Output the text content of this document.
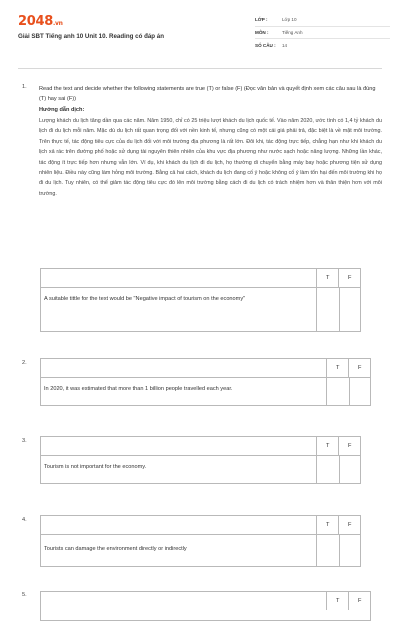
2048.vn
Giải SBT Tiếng anh 10 Unit 10. Reading có đáp án
LỚP :	Lớp 10
MÔN :	Tiếng Anh
SỐ CÂU :	14
1. Read the text and decide whether the following statements are true (T) or false (F) (Đọc văn bản và quyết định xem các câu sau là đúng (T) hay sai (F))
Hướng dẫn dịch:
Lượng khách du lịch tăng dần qua các năm. Năm 1950, chỉ có 25 triệu lượt khách du lịch quốc tế. Vào năm 2020, ước tính có 1,4 tỷ khách du lịch đi du lịch mỗi năm. Mặc dù du lịch rất quan trọng đối với nền kinh tế, nhưng cũng có một cái giá phải trả, đặc biệt là về mặt môi trường. Trên thực tế, tác động tiêu cực của du lịch đối với môi trường địa phương là rất lớn. Đôi khi, tác động trực tiếp, chẳng hạn như khi khách du lịch xả rác trên đường phố hoặc sử dụng tài nguyên thiên nhiên của khu vực địa phương như nước sạch hoặc năng lượng. Những lần khác, tác động ít trực tiếp hơn nhưng vẫn lớn. Ví dụ, khi khách du lịch đi du lịch, họ thường di chuyển bằng máy bay hoặc phương tiện sử dụng nhiên liệu. Điều này cũng làm hỏng môi trường. Bằng cả hai cách, khách du lịch đang cố ý hoặc không cố ý làm tổn hại đến môi trường khi họ đi du lịch. Tuy nhiên, có thể giảm tác động tiêu cực đó lên môi trường bằng cách đi du lịch có trách nhiệm hơn và thân thiện hơn với môi trường.
T	F
A suitable tittle for the text would be "Negative impact of tourism on the economy"
2.
T	F
In 2020, it was estimated that more than 1 billion people travelled each year.
3.
T	F
Tourism is not important for the economy.
4.
T	F
Tourists can damage the environment directly or indirectly
5.
T	F
